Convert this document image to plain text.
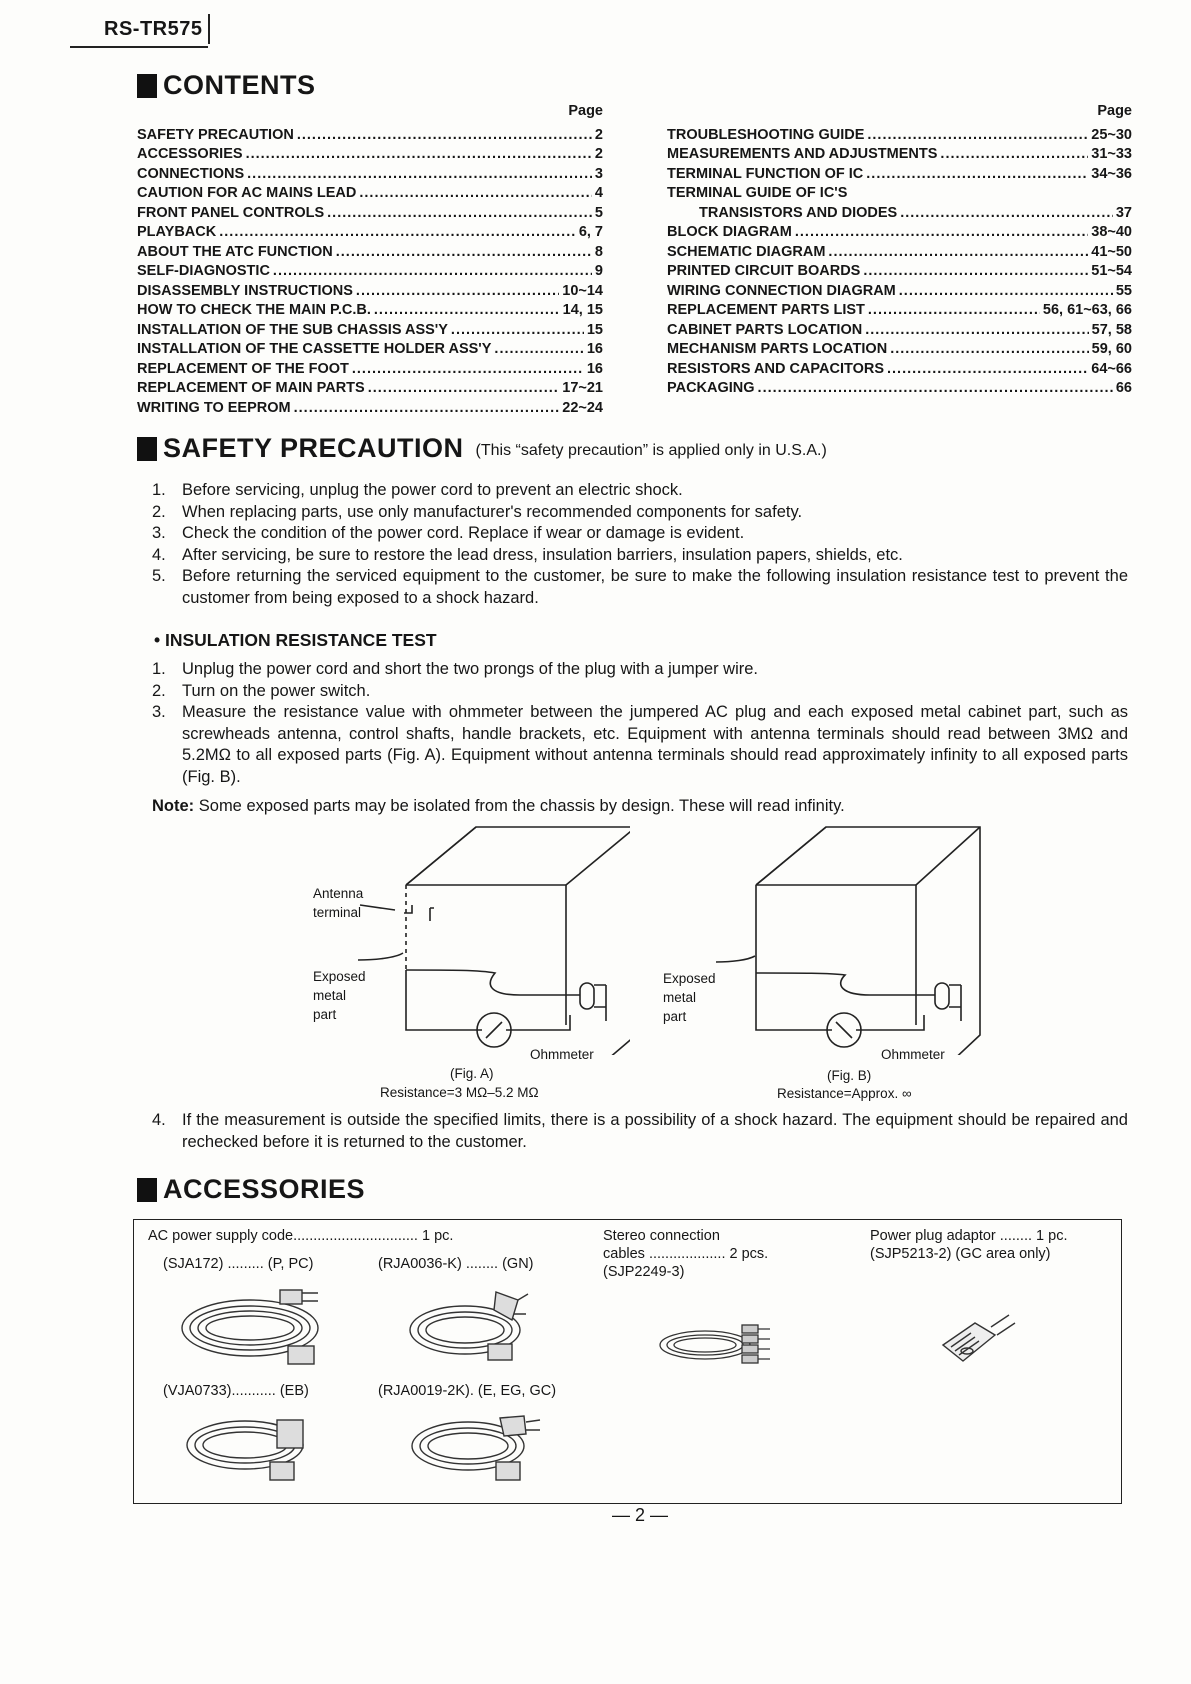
RS-TR575
CONTENTS
Page
SAFETY PRECAUTION .....	2
ACCESSORIES .....	2
CONNECTIONS .....	3
CAUTION FOR AC MAINS LEAD .....	4
FRONT PANEL CONTROLS .....	5
PLAYBACK .....	6, 7
ABOUT THE ATC FUNCTION .....	8
SELF-DIAGNOSTIC .....	9
DISASSEMBLY INSTRUCTIONS .....	10~14
HOW TO CHECK THE MAIN P.C.B. .....	14, 15
INSTALLATION OF THE SUB CHASSIS ASS'Y .....	15
INSTALLATION OF THE CASSETTE HOLDER ASS'Y .....	16
REPLACEMENT OF THE FOOT .....	16
REPLACEMENT OF MAIN PARTS .....	17~21
WRITING TO EEPROM .....	22~24
Page
TROUBLESHOOTING GUIDE .....	25~30
MEASUREMENTS AND ADJUSTMENTS .....	31~33
TERMINAL FUNCTION OF IC .....	34~36
TERMINAL GUIDE OF IC'S
TRANSISTORS AND DIODES .....	37
BLOCK DIAGRAM .....	38~40
SCHEMATIC DIAGRAM .....	41~50
PRINTED CIRCUIT BOARDS .....	51~54
WIRING CONNECTION DIAGRAM .....	55
REPLACEMENT PARTS LIST .....	56, 61~63, 66
CABINET PARTS LOCATION .....	57, 58
MECHANISM PARTS LOCATION .....	59, 60
RESISTORS AND CAPACITORS .....	64~66
PACKAGING .....	66
SAFETY PRECAUTION (This “safety precaution” is applied only in U.S.A.)
1. Before servicing, unplug the power cord to prevent an electric shock.
2. When replacing parts, use only manufacturer's recommended components for safety.
3. Check the condition of the power cord. Replace if wear or damage is evident.
4. After servicing, be sure to restore the lead dress, insulation barriers, insulation papers, shields, etc.
5. Before returning the serviced equipment to the customer, be sure to make the following insulation resistance test to prevent the customer from being exposed to a shock hazard.
• INSULATION RESISTANCE TEST
1. Unplug the power cord and short the two prongs of the plug with a jumper wire.
2. Turn on the power switch.
3. Measure the resistance value with ohmmeter between the jumpered AC plug and each exposed metal cabinet part, such as screwheads antenna, control shafts, handle brackets, etc. Equipment with antenna terminals should read between 3MΩ and 5.2MΩ to all exposed parts (Fig. A). Equipment without antenna terminals should read approximately infinity to all exposed parts (Fig. B).
Note: Some exposed parts may be isolated from the chassis by design. These will read infinity.
Antenna
terminal
Exposed
metal
part
Ohmmeter
(Fig. A)
Resistance=3 MΩ–5.2 MΩ
Exposed
metal
part
Ohmmeter
(Fig. B)
Resistance=Approx. ∞
4. If the measurement is outside the specified limits, there is a possibility of a shock hazard. The equipment should be repaired and rechecked before it is returned to the customer.
ACCESSORIES
AC power supply code............................... 1 pc.
(SJA172) ......... (P, PC)	(RJA0036-K) ........ (GN)
(VJA0733)........... (EB)	(RJA0019-2K). (E, EG, GC)
Stereo connection
cables ................... 2 pcs.
(SJP2249-3)
Power plug adaptor ........ 1 pc.
(SJP5213-2) (GC area only)
— 2 —
